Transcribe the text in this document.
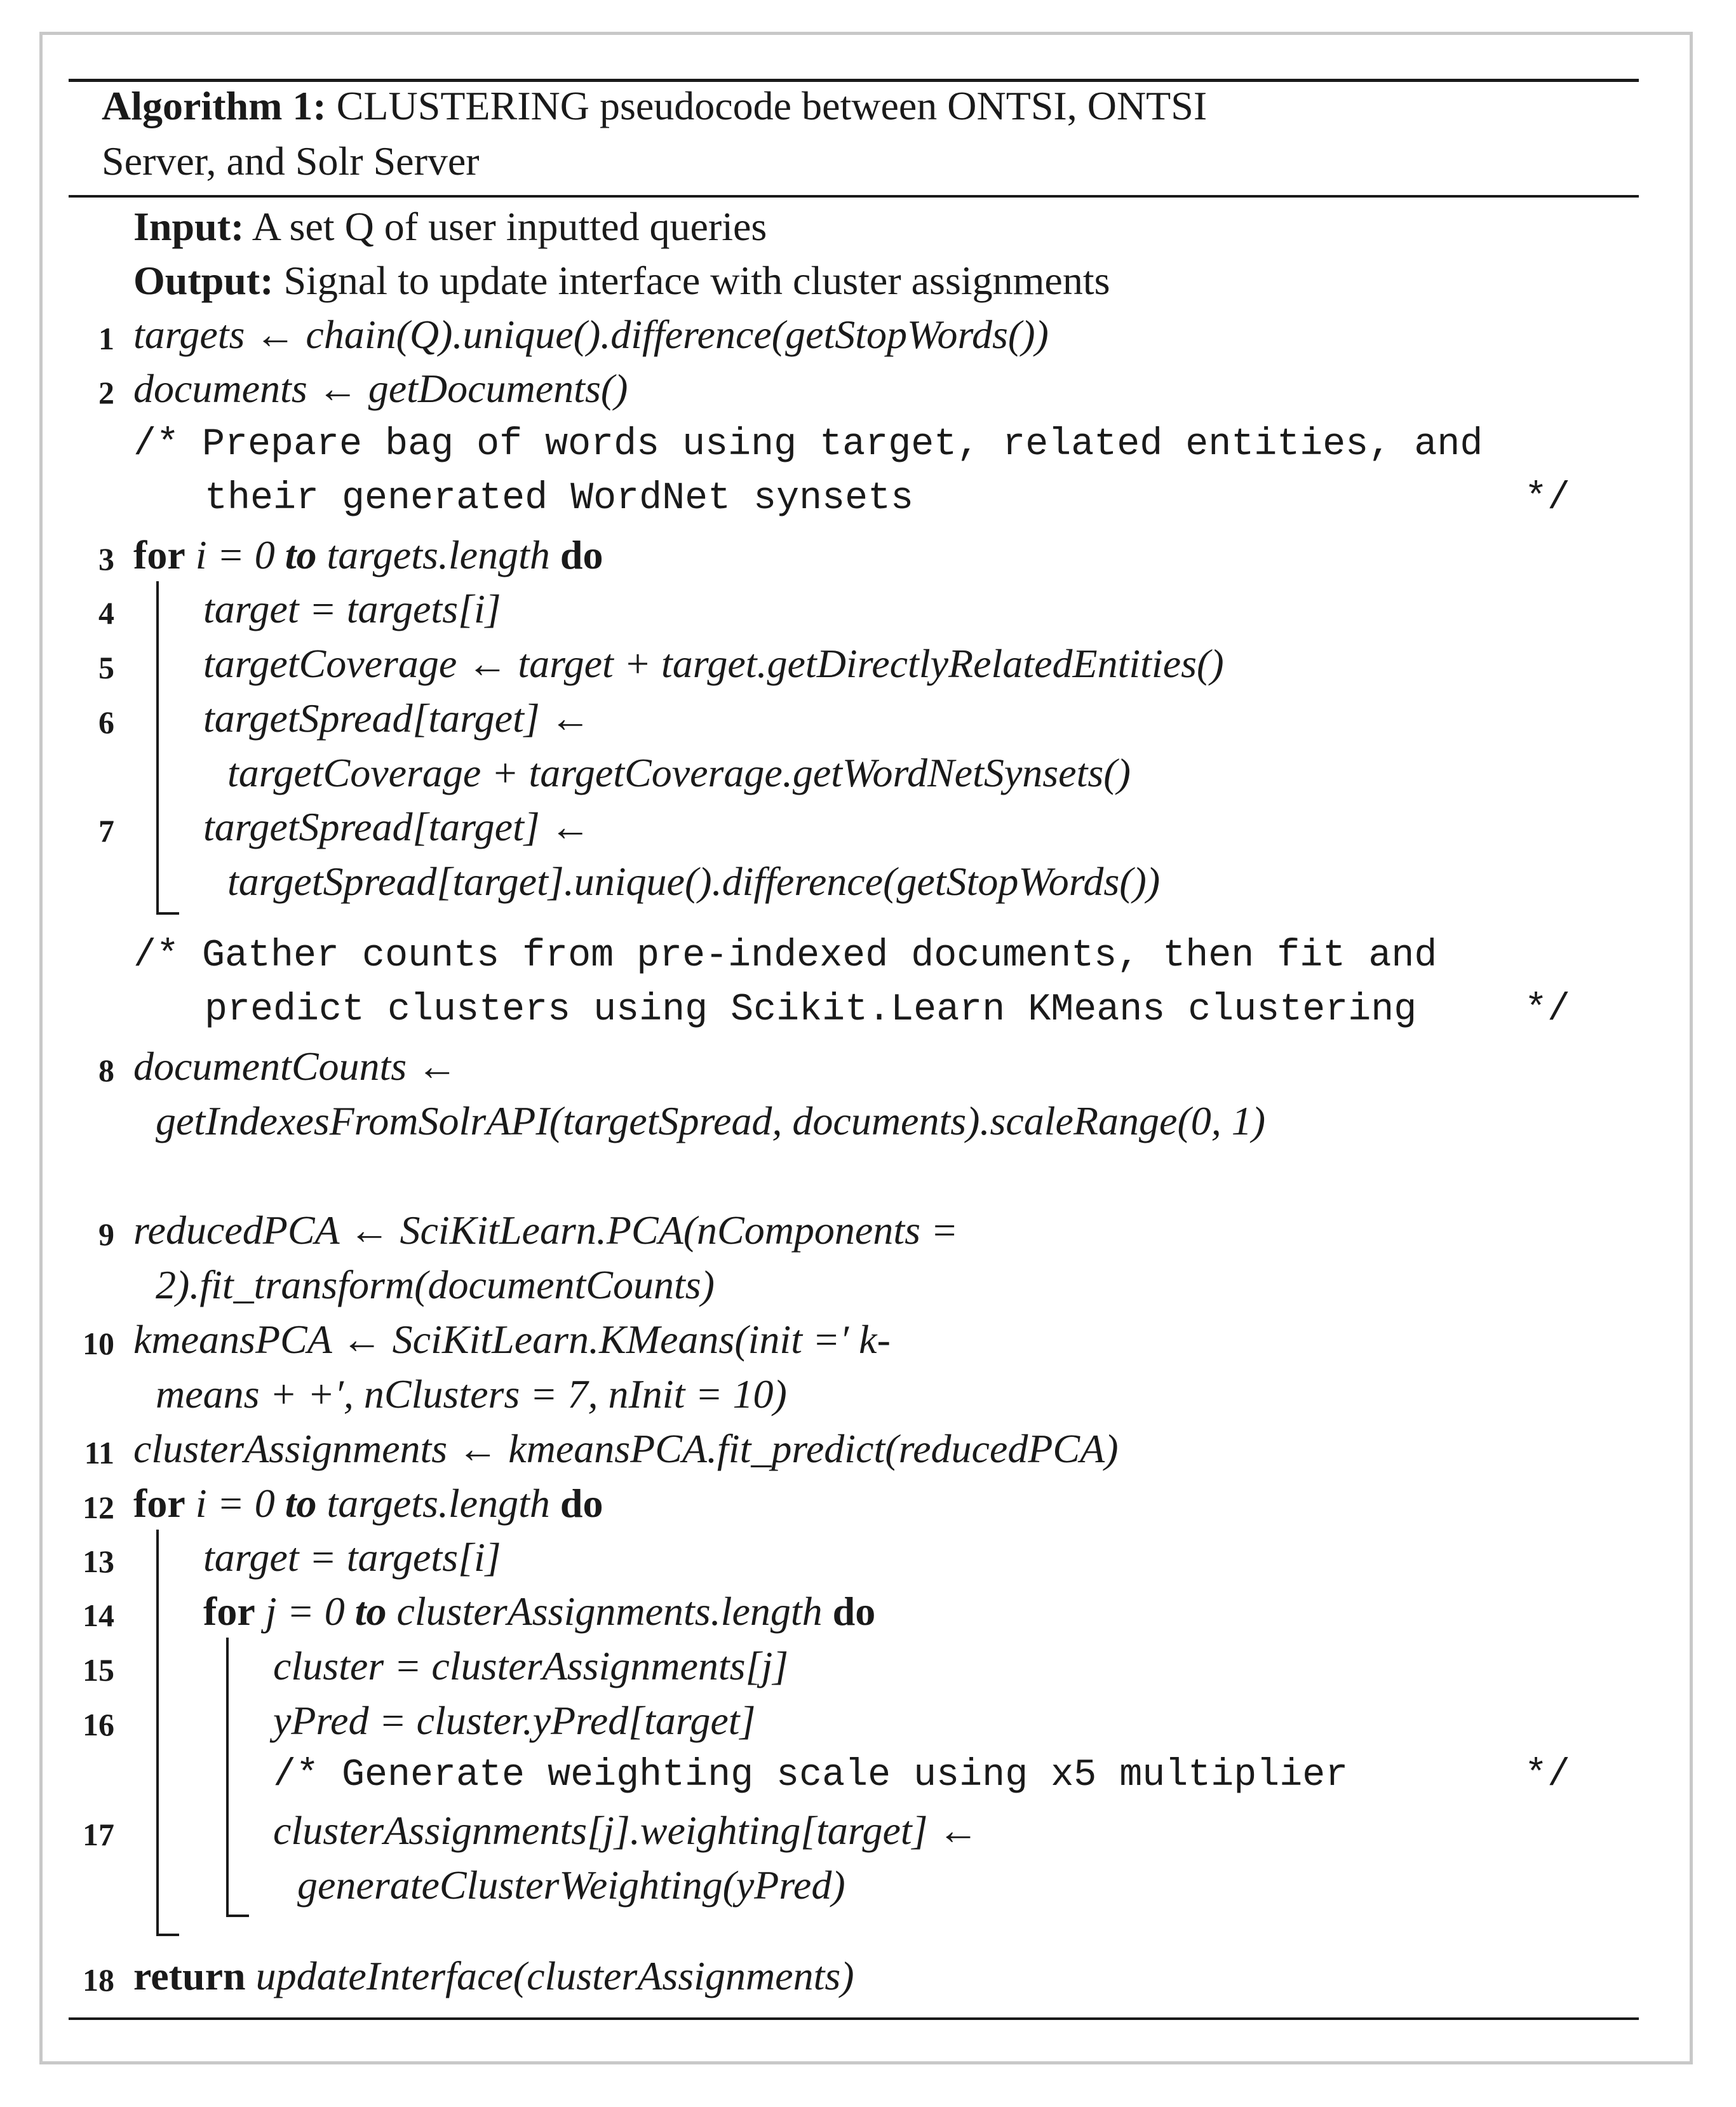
Algorithm 1: CLUSTERING pseudocode between ONTSI, ONTSI
Server, and Solr Server
Input: A set Q of user inputted queries
Output: Signal to update interface with cluster assignments
1
2
3
4
5
6
7
8
9
10
11
12
13
14
15
16
17
18
targets ← chain(Q).unique().difference(getStopWords())
documents ← getDocuments()
/* Prepare bag of words using target, related entities, and
their generated WordNet synsets	*/
for i = 0 to targets.length do
target = targets[i]
targetCoverage ← target + target.getDirectlyRelatedEntities()
targetSpread[target] ←
targetCoverage + targetCoverage.getWordNetSynsets()
targetSpread[target] ←
targetSpread[target].unique().difference(getStopWords())
/* Gather counts from pre-indexed documents, then fit and
predict clusters using Scikit.Learn KMeans clustering	*/
documentCounts ←
getIndexesFromSolrAPI(targetSpread, documents).scaleRange(0, 1)
reducedPCA ← SciKitLearn.PCA(nComponents =
2).fit_transform(documentCounts)
kmeansPCA ← SciKitLearn.KMeans(init =′ k-
means + +′, nClusters = 7, nInit = 10)
clusterAssignments ← kmeansPCA.fit_predict(reducedPCA)
for i = 0 to targets.length do
target = targets[i]
for j = 0 to clusterAssignments.length do
cluster = clusterAssignments[j]
yPred = cluster.yPred[target]
/* Generate weighting scale using x5 multiplier	*/
clusterAssignments[j].weighting[target] ←
generateClusterWeighting(yPred)
return updateInterface(clusterAssignments)
